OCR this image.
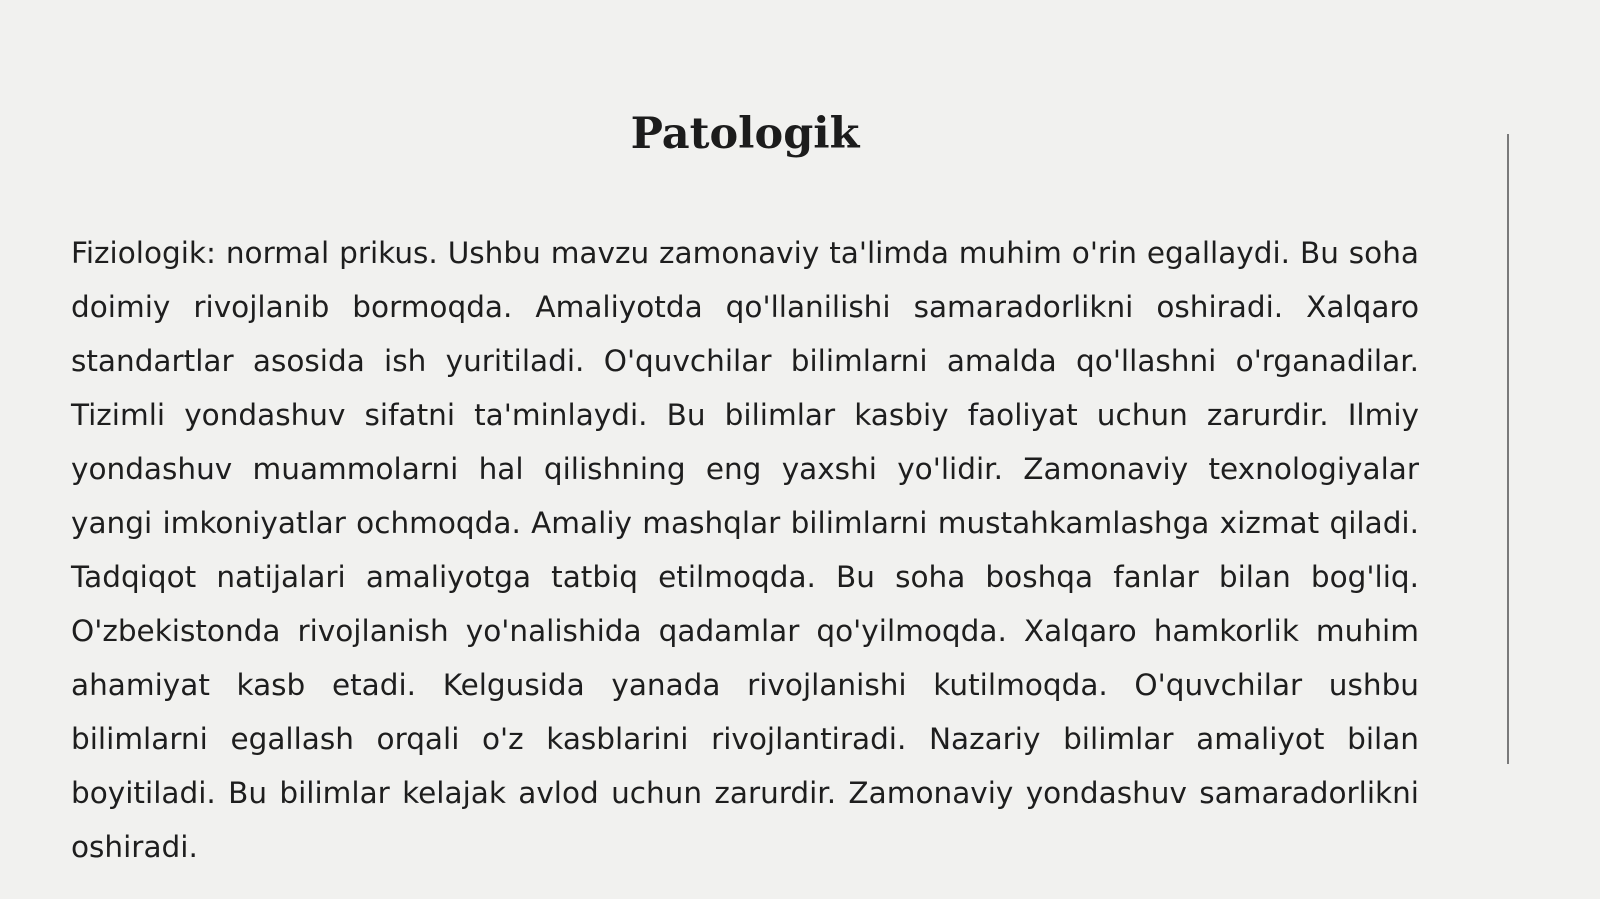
Patologik

Fiziologik: normal prikus. Ushbu mavzu zamonaviy ta'limda muhim o'rin egallaydi. Bu soha doimiy rivojlanib bormoqda. Amaliyotda qo'llanilishi samaradorlikni oshiradi. Xalqaro standartlar asosida ish yuritiladi. O'quvchilar bilimlarni amalda qo'llashni o'rganadilar. Tizimli yondashuv sifatni ta'minlaydi. Bu bilimlar kasbiy faoliyat uchun zarurdir. Ilmiy yondashuv muammolarni hal qilishning eng yaxshi yo'lidir. Zamonaviy texnologiyalar yangi imkoniyatlar ochmoqda. Amaliy mashqlar bilimlarni mustahkamlashga xizmat qiladi. Tadqiqot natijalari amaliyotga tatbiq etilmoqda. Bu soha boshqa fanlar bilan bog'liq. O'zbekistonda rivojlanish yo'nalishida qadamlar qo'yilmoqda. Xalqaro hamkorlik muhim ahamiyat kasb etadi. Kelgusida yanada rivojlanishi kutilmoqda. O'quvchilar ushbu bilimlarni egallash orqali o'z kasblarini rivojlantiradi. Nazariy bilimlar amaliyot bilan boyitiladi. Bu bilimlar kelajak avlod uchun zarurdir. Zamonaviy yondashuv samaradorlikni oshiradi.
